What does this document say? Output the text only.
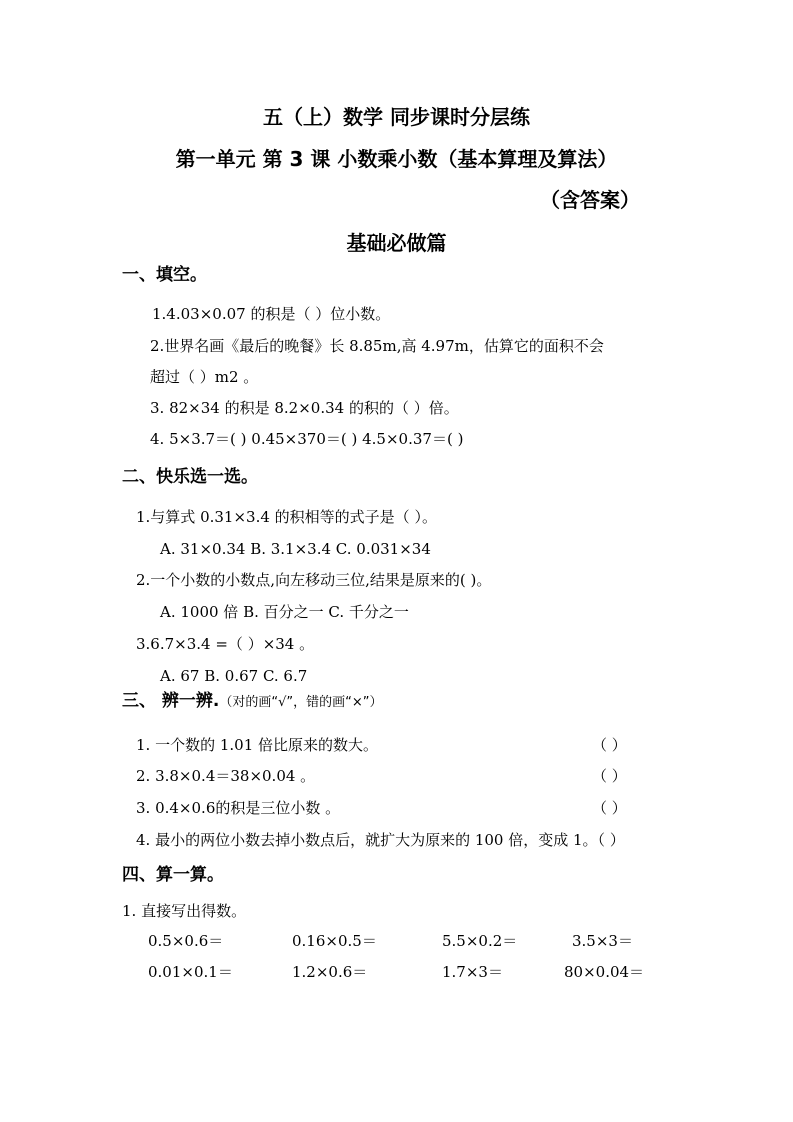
五（上）数学 同步课时分层练
第一单元 第 3 课 小数乘小数（基本算理及算法）
（含答案）
基础必做篇
一、填空。
1.4.03×0.07 的积是（ ）位小数。
2.世界名画《最后的晚餐》长 8.85m,高 4.97m，估算它的面积不会
超过（ ）m2 。
3. 82×34 的积是 8.2×0.34 的积的（ ）倍。
4. 5×3.7＝( ) 0.45×370＝( ) 4.5×0.37＝( )
二、快乐选一选。
1.与算式 0.31×3.4 的积相等的式子是（ ）。
A. 31×0.34 B. 3.1×3.4 C. 0.031×34
2.一个小数的小数点,向左移动三位,结果是原来的( )。
A. 1000 倍 B. 百分之一 C. 千分之一
3.6.7×3.4 =（ ）×34 。
A. 67 B. 0.67 C. 6.7
三、 辨一辨.（对的画“√”，错的画“×”）
1. 一个数的 1.01 倍比原来的数大。	（ ）
2. 3.8×0.4＝38×0.04 。	（ ）
3. 0.4×0.6的积是三位小数 。	（ ）
4. 最小的两位小数去掉小数点后，就扩大为原来的 100 倍，变成 1。（ ）
四、算一算。
1. 直接写出得数。
0.5×0.6＝	0.16×0.5＝	5.5×0.2＝	3.5×3＝
0.01×0.1＝	1.2×0.6＝	1.7×3＝	80×0.04＝
